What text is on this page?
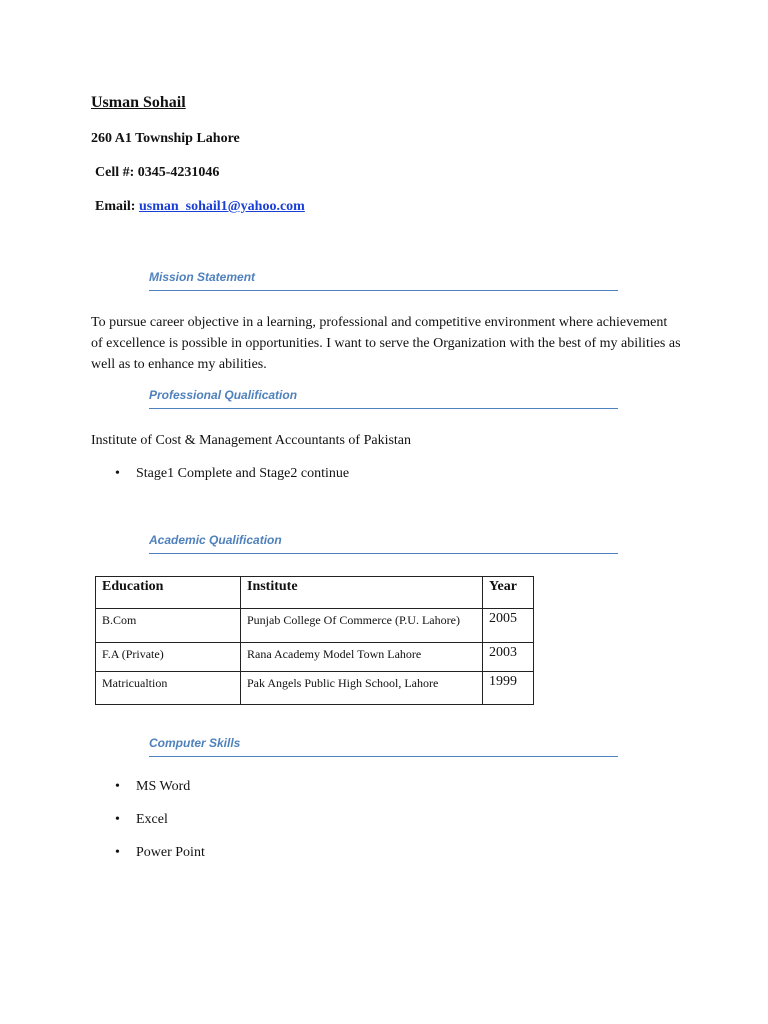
Usman Sohail
260 A1 Township Lahore
Cell #: 0345-4231046
Email: usman_sohail1@yahoo.com
Mission Statement
To pursue career objective in a learning, professional and competitive environment where achievement of excellence is possible in opportunities. I want to serve the Organization with the best of my abilities as well as to enhance my abilities.
Professional Qualification
Institute of Cost & Management Accountants of Pakistan
• Stage1 Complete and Stage2 continue
Academic Qualification
Education	Institute	Year
B.Com	Punjab College Of Commerce (P.U. Lahore)	2005
F.A (Private)	Rana Academy Model Town Lahore	2003
Matricualtion	Pak Angels Public High School, Lahore	1999
Computer Skills
• MS Word
• Excel
• Power Point
